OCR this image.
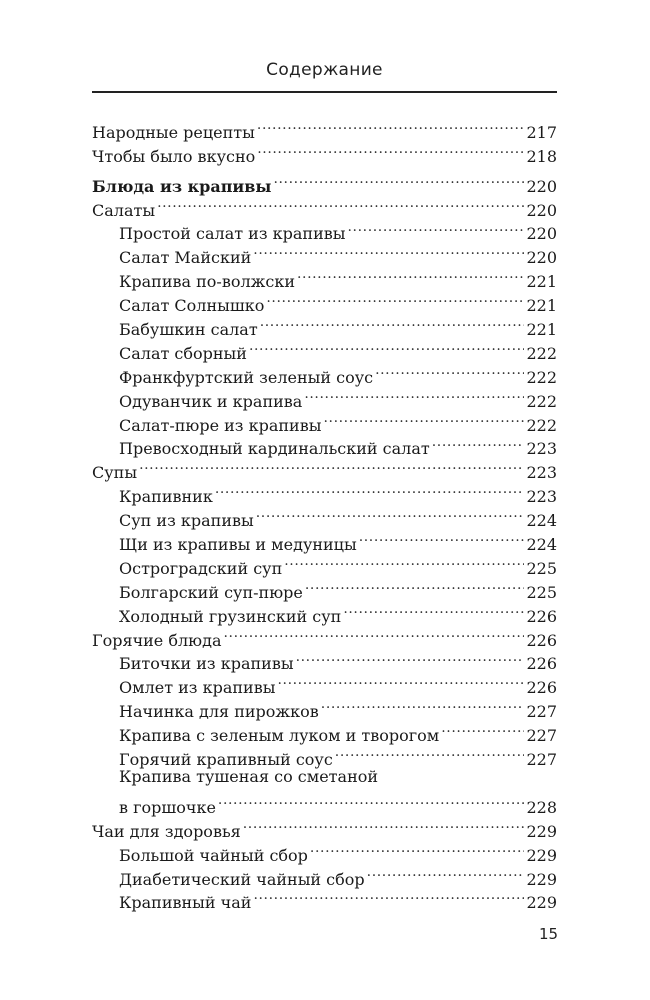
Содержание
Народные рецепты .....	217
Чтобы было вкусно .....	218
Блюда из крапивы .....	220
Салаты .....	220
Простой салат из крапивы .....	220
Салат Майский .....	220
Крапива по-волжски .....	221
Салат Солнышко .....	221
Бабушкин салат .....	221
Салат сборный .....	222
Франкфуртский зеленый соус .....	222
Одуванчик и крапива .....	222
Салат-пюре из крапивы .....	222
Превосходный кардинальский салат .....	223
Супы .....	223
Крапивник .....	223
Суп из крапивы .....	224
Щи из крапивы и медуницы .....	224
Остроградский суп .....	225
Болгарский суп-пюре .....	225
Холодный грузинский суп .....	226
Горячие блюда .....	226
Биточки из крапивы .....	226
Омлет из крапивы .....	226
Начинка для пирожков .....	227
Крапива с зеленым луком и творогом .....	227
Горячий крапивный соус .....	227
Крапива тушеная со сметаной
в горшочке .....	228
Чаи для здоровья .....	229
Большой чайный сбор .....	229
Диабетический чайный сбор .....	229
Крапивный чай .....	229
15
